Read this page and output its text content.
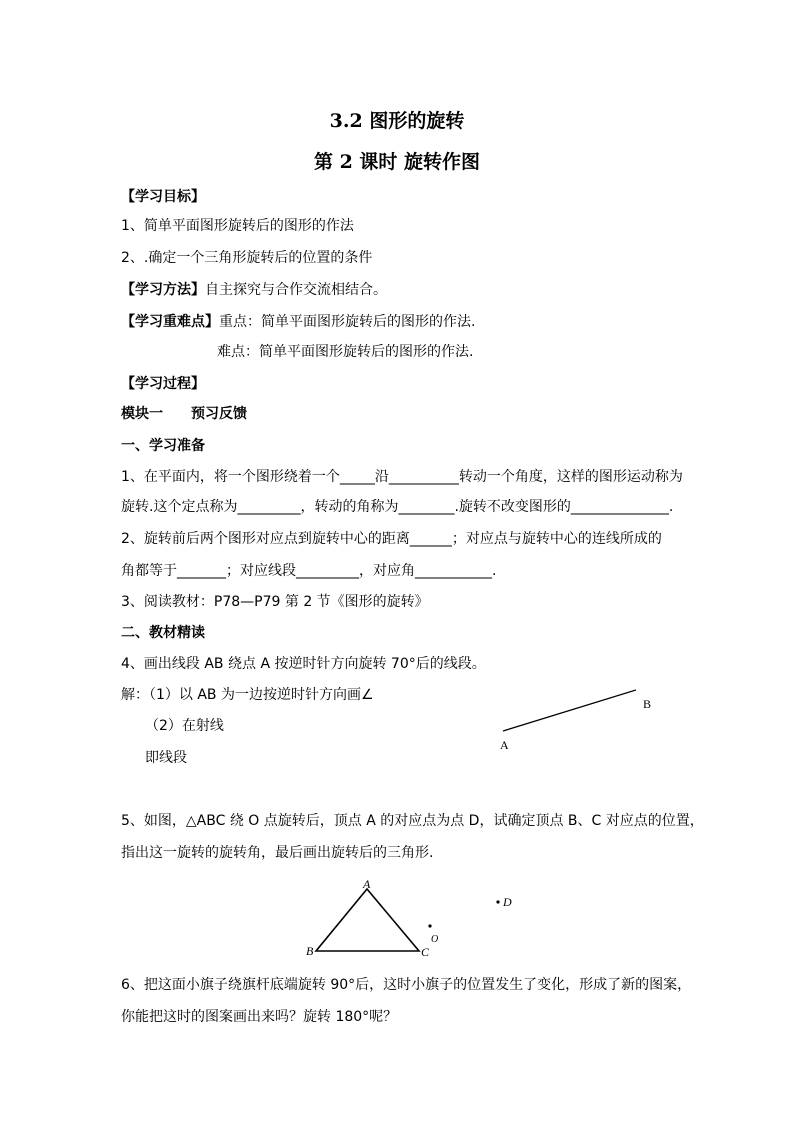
3.2 图形的旋转
第 2 课时 旋转作图
【学习目标】
1、简单平面图形旋转后的图形的作法
2、.确定一个三角形旋转后的位置的条件
【学习方法】自主探究与合作交流相结合。
【学习重难点】重点：简单平面图形旋转后的图形的作法.
难点：简单平面图形旋转后的图形的作法.
【学习过程】
模块一 预习反馈
一、学习准备
1、在平面内，将一个图形绕着一个_____沿__________转动一个角度，这样的图形运动称为
旋转.这个定点称为_________，转动的角称为________.旋转不改变图形的______________.
2、旋转前后两个图形对应点到旋转中心的距离______；对应点与旋转中心的连线所成的
角都等于_______；对应线段_________，对应角___________.
3、阅读教材：P78—P79 第 2 节《图形的旋转》
二、教材精读
4、画出线段 AB 绕点 A 按逆时针方向旋转 70°后的线段。
解：（1）以 AB 为一边按逆时针方向画∠
（2）在射线
即线段
5、如图，△ABC 绕 O 点旋转后，顶点 A 的对应点为点 D，试确定顶点 B、C 对应点的位置，
指出这一旋转的旋转角，最后画出旋转后的三角形.
6、把这面小旗子绕旗杆底端旋转 90°后，这时小旗子的位置发生了变化，形成了新的图案，
你能把这时的图案画出来吗？旋转 180°呢？
B
A
A
B	C
O
D
